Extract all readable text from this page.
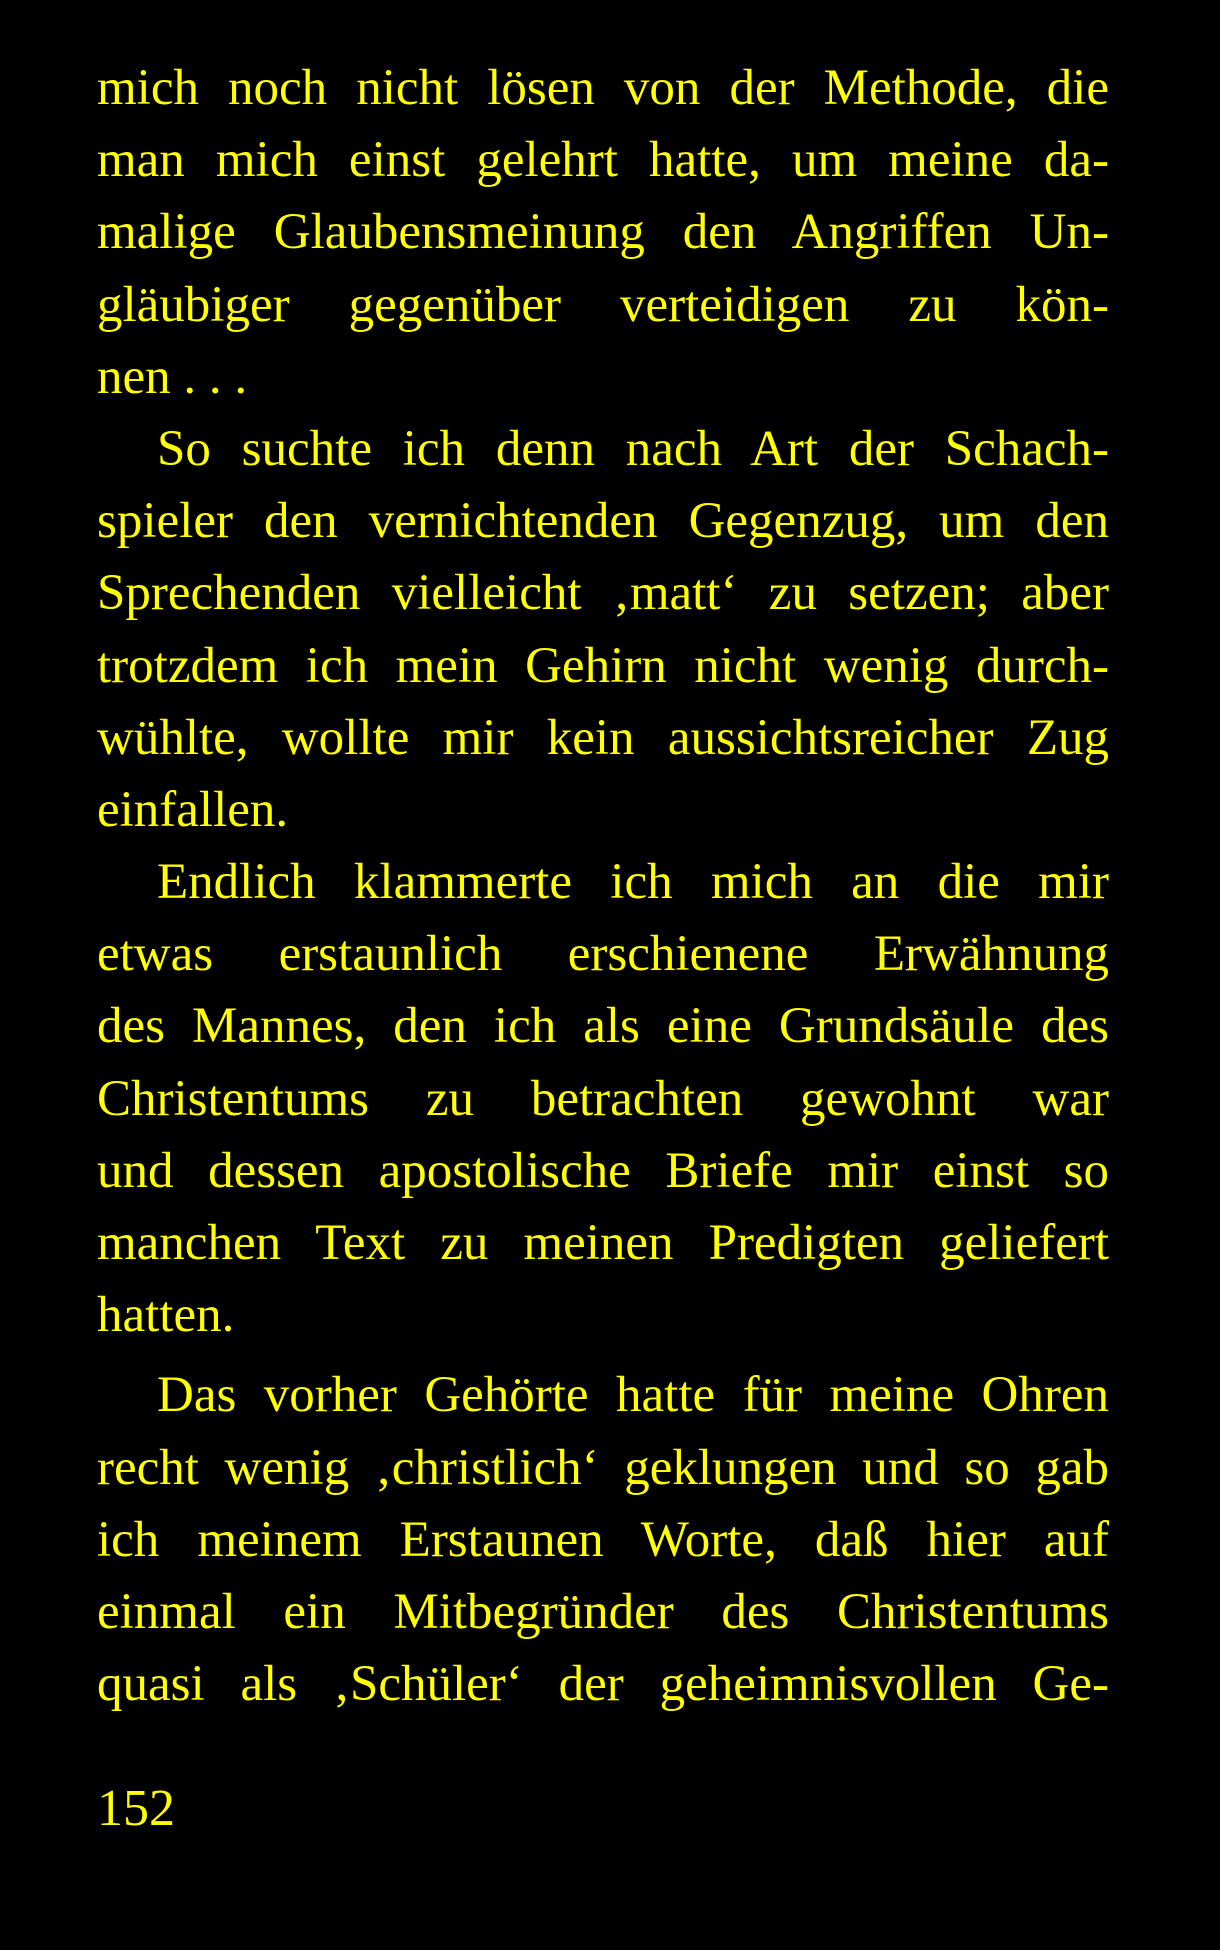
mich noch nicht lösen von der Methode, die
man mich einst gelehrt hatte, um meine da-
malige Glaubensmeinung den Angriffen Un-
gläubiger gegenüber verteidigen zu kön-
nen . . .
So suchte ich denn nach Art der Schach-
spieler den vernichtenden Gegenzug, um den
Sprechenden vielleicht ‚matt‘ zu setzen; aber
trotzdem ich mein Gehirn nicht wenig durch-
wühlte, wollte mir kein aussichtsreicher Zug
einfallen.
Endlich klammerte ich mich an die mir
etwas erstaunlich erschienene Erwähnung
des Mannes, den ich als eine Grundsäule des
Christentums zu betrachten gewohnt war
und dessen apostolische Briefe mir einst so
manchen Text zu meinen Predigten geliefert
hatten.
Das vorher Gehörte hatte für meine Ohren
recht wenig ‚christlich‘ geklungen und so gab
ich meinem Erstaunen Worte, daß hier auf
einmal ein Mitbegründer des Christentums
quasi als ‚Schüler‘ der geheimnisvollen Ge-
152
